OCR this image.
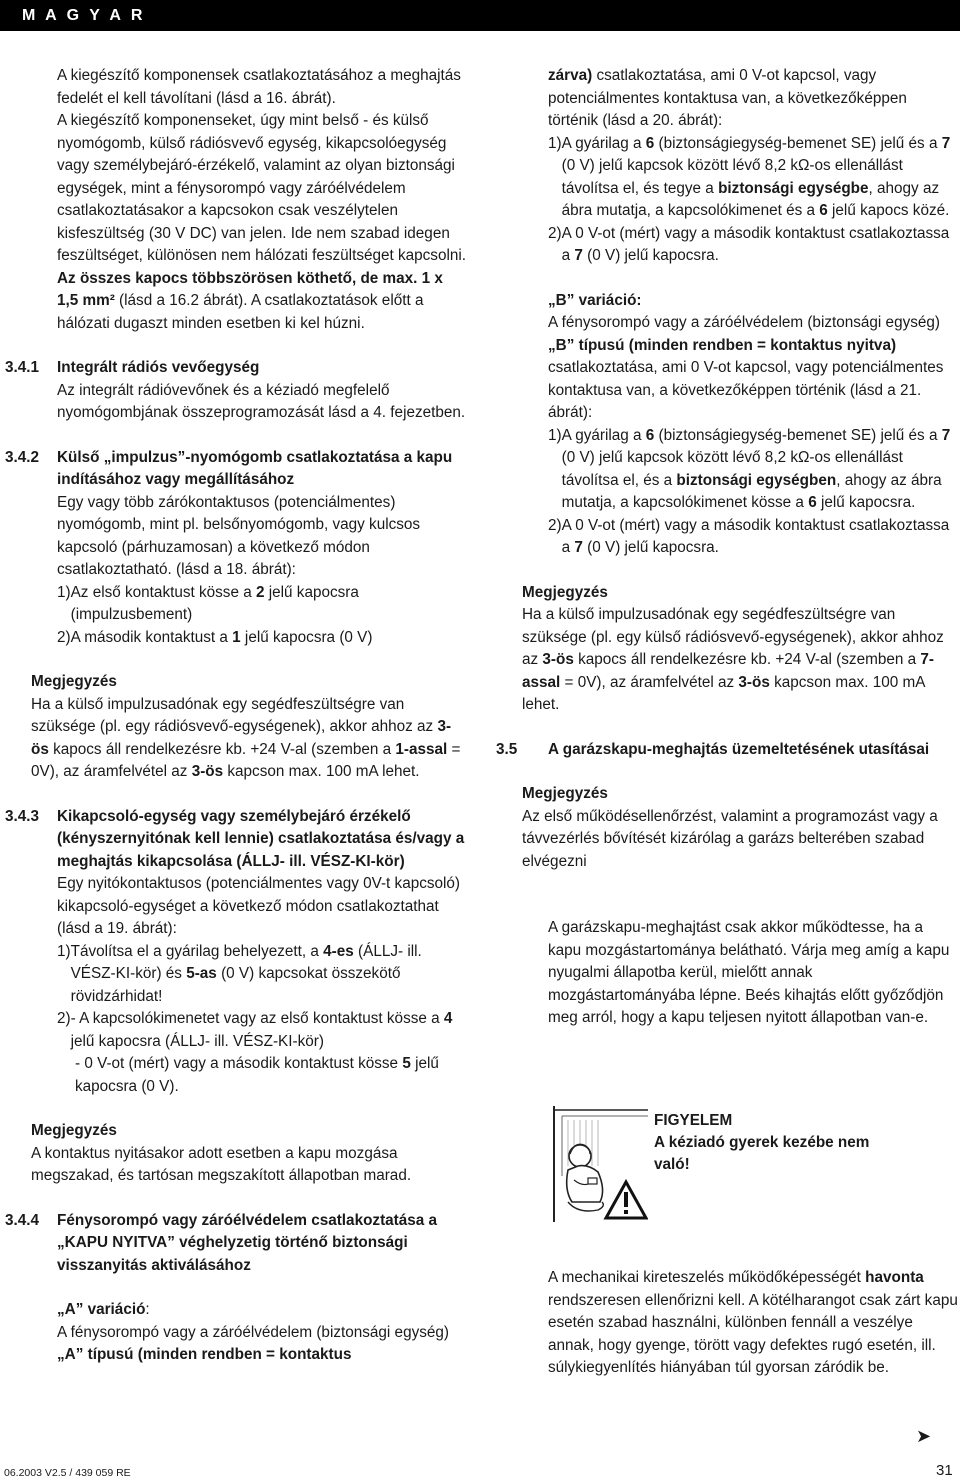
M A G Y A R

A kiegészítő komponensek csatlakoztatásához a meghajtás fedelét el kell távolítani (lásd a 16. ábrát).

A kiegészítő komponenseket, úgy mint belső - és külső nyomógomb, külső rádiósvevő egység, kikapcsolóegység vagy személybejáró-érzékelő, valamint az olyan biztonsági egységek, mint a fénysorompó vagy záróélvédelem csatlakoztatásakor a kapcsokon csak veszélytelen kisfeszültség (30 V DC) van jelen. Ide nem szabad idegen feszültséget, különösen nem hálózati feszültséget kapcsolni. Az összes kapocs többszörösen köthető, de max. 1 x 1,5 mm² (lásd a 16.2 ábrát). A csatlakoztatások előtt a hálózati dugaszt minden esetben ki kel húzni.

3.4.1 Integrált rádiós vevőegység

Az integrált rádióvevőnek és a kéziadó megfelelő nyomógombjának összeprogramozását lásd a 4. fejezetben.

3.4.2 Külső „impulzus”-nyomógomb csatlakoztatása a kapu indításához vagy megállításához

Egy vagy több zárókontaktusos (potenciálmentes) nyomógomb, mint pl. belsőnyomógomb, vagy kulcsos kapcsoló (párhuzamosan) a következő módon csatlakoztatható. (lásd a 18. ábrát):

1) Az első kontaktust kösse a 2 jelű kapocsra (impulzusbement)
2) A második kontaktust a 1 jelű kapocsra (0 V)

Megjegyzés

Ha a külső impulzusadónak egy segédfeszültségre van szüksége (pl. egy rádiósvevő-egységenek), akkor ahhoz az 3-ös kapocs áll rendelkezésre kb. +24 V-al (szemben a 1-assal = 0V), az áramfelvétel az 3-ös kapcson max. 100 mA lehet.

3.4.3 Kikapcsoló-egység vagy személybejáró érzékelő (kényszernyitónak kell lennie) csatlakoztatása és/vagy a meghajtás kikapcsolása (ÁLLJ- ill. VÉSZ-KI-kör)

Egy nyitókontaktusos (potenciálmentes vagy 0V-t kapcsoló) kikapcsoló-egységet a következő módon csatlakoztathat (lásd a 19. ábrát):

1) Távolítsa el a gyárilag behelyezett, a 4-es (ÁLLJ- ill. VÉSZ-KI-kör) és 5-as (0 V) kapcsokat összekötő rövidzárhidat!
2) - A kapcsolókimenetet vagy az első kontaktust kösse a 4 jelű kapocsra (ÁLLJ- ill. VÉSZ-KI-kör)

- 0 V-ot (mért) vagy a második kontaktust kösse 5 jelű kapocsra (0 V).

Megjegyzés

A kontaktus nyitásakor adott esetben a kapu mozgása megszakad, és tartósan megszakított állapotban marad.

3.4.4 Fénysorompó vagy záróélvédelem csatlakoztatása a „KAPU NYITVA” véghelyzetig történő biztonsági visszanyitás aktiválásához

„A” variáció:

A fénysorompó vagy a záróélvédelem (biztonsági egység) „A” típusú (minden rendben = kontaktus

zárva) csatlakoztatása, ami 0 V-ot kapcsol, vagy potenciálmentes kontaktusa van, a következőképpen történik (lásd a 20. ábrát):

1) A gyárilag a 6 (biztonságiegység-bemenet SE) jelű és a 7 (0 V) jelű kapcsok között lévő 8,2 kΩ-os ellenállást távolítsa el, és tegye a biztonsági egységbe, ahogy az ábra mutatja, a kapcsolókimenet és a 6 jelű kapocs közé.
2) A 0 V-ot (mért) vagy a második kontaktust csatlakoztassa a 7 (0 V) jelű kapocsra.

„B” variáció:

A fénysorompó vagy a záróélvédelem (biztonsági egység) „B” típusú (minden rendben = kontaktus nyitva) csatlakoztatása, ami 0 V-ot kapcsol, vagy potenciálmentes kontaktusa van, a következőképpen történik (lásd a 21. ábrát):

1) A gyárilag a 6 (biztonságiegység-bemenet SE) jelű és a 7 (0 V) jelű kapcsok között lévő 8,2 kΩ-os ellenállást távolítsa el, és a biztonsági egységben, ahogy az ábra mutatja, a kapcsolókimenet kösse a 6 jelű kapocsra.
2) A 0 V-ot (mért) vagy a második kontaktust csatlakoztassa a 7 (0 V) jelű kapocsra.

Megjegyzés

Ha a külső impulzusadónak egy segédfeszültségre van szüksége (pl. egy külső rádiósvevő-egységenek), akkor ahhoz az 3-ös kapocs áll rendelkezésre kb. +24 V-al (szemben a 7-assal = 0V), az áramfelvétel az 3-ös kapcson max. 100 mA lehet.

3.5 A garázskapu-meghajtás üzemeltetésének utasításai

Megjegyzés

Az első működésellenőrzést, valamint a programozást vagy a távvezérlés bővítését kizárólag a garázs belterében szabad elvégezni

A garázskapu-meghajtást csak akkor működtesse, ha a kapu mozgástartománya belátható. Várja meg amíg a kapu nyugalmi állapotba kerül, mielőtt annak mozgástartományába lépne. Beés kihajtás előtt győződjön meg arról, hogy a kapu teljesen nyitott állapotban van-e.

FIGYELEM

A kéziadó gyerek kezébe nem való!

A mechanikai kireteszelés működőképességét havonta rendszeresen ellenőrizni kell. A kötélharangot csak zárt kapu esetén szabad használni, különben fennáll a veszélye annak, hogy gyenge, törött vagy defektes rugó esetén, ill. súlykiegyenlítés hiányában túl gyorsan záródik be.

➤
06.2003 V2.5 / 439 059 RE	31
